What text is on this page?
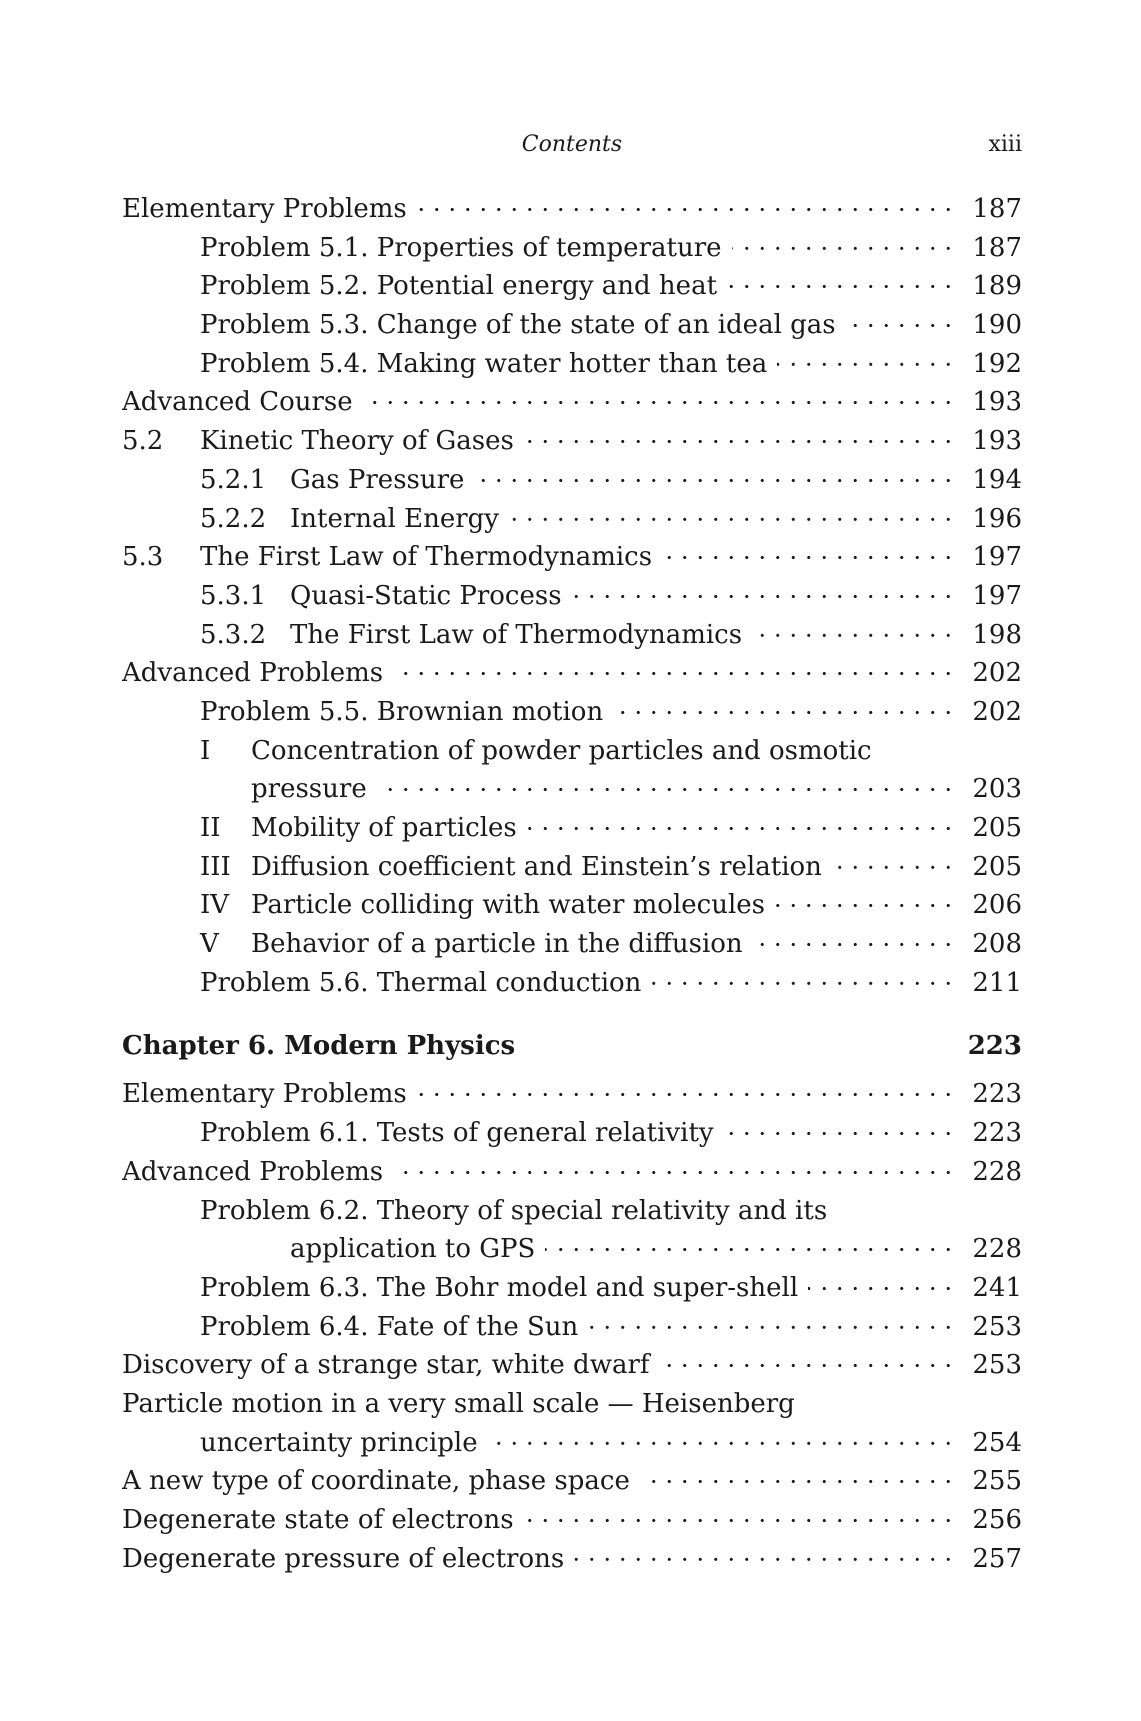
Contents	xiii
Elementary Problems	187
Problem 5.1. Properties of temperature	187
Problem 5.2. Potential energy and heat	189
Problem 5.3. Change of the state of an ideal gas	190
Problem 5.4. Making water hotter than tea	192
Advanced Course	193
5.2 Kinetic Theory of Gases	193
5.2.1 Gas Pressure	194
5.2.2 Internal Energy	196
5.3 The First Law of Thermodynamics	197
5.3.1 Quasi-Static Process	197
5.3.2 The First Law of Thermodynamics	198
Advanced Problems	202
Problem 5.5. Brownian motion	202
I Concentration of powder particles and osmotic
pressure	203
II Mobility of particles	205
III Diffusion coefficient and Einstein’s relation	205
IV Particle colliding with water molecules	206
V Behavior of a particle in the diffusion	208
Problem 5.6. Thermal conduction	211
Chapter 6. Modern Physics	223
Elementary Problems	223
Problem 6.1. Tests of general relativity	223
Advanced Problems	228
Problem 6.2. Theory of special relativity and its
application to GPS	228
Problem 6.3. The Bohr model and super-shell	241
Problem 6.4. Fate of the Sun	253
Discovery of a strange star, white dwarf	253
Particle motion in a very small scale — Heisenberg
uncertainty principle	254
A new type of coordinate, phase space	255
Degenerate state of electrons	256
Degenerate pressure of electrons	257
